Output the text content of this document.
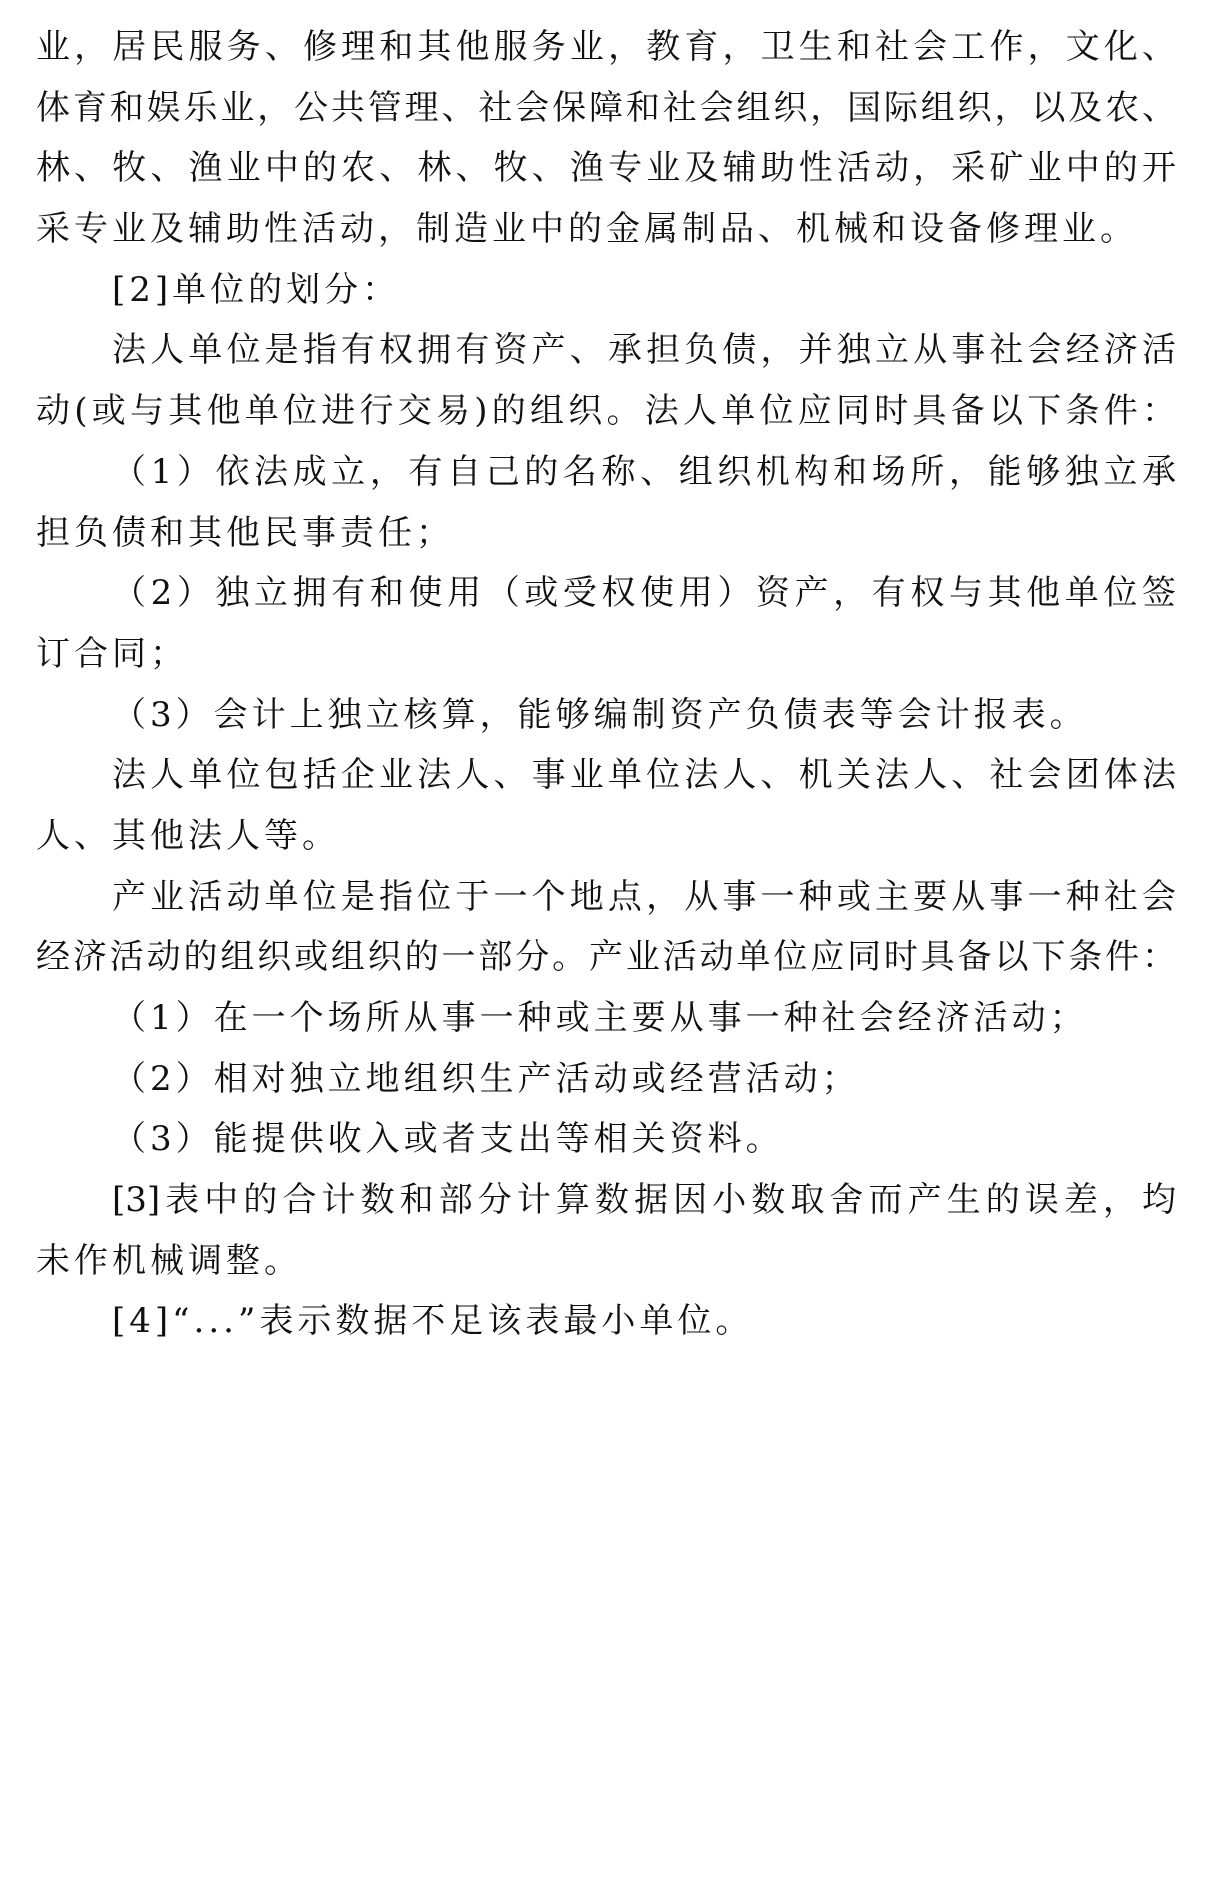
业，居民服务、修理和其他服务业，教育，卫生和社会工作，文化、
体育和娱乐业，公共管理、社会保障和社会组织，国际组织，以及农、
林、牧、渔业中的农、林、牧、渔专业及辅助性活动，采矿业中的开
采专业及辅助性活动，制造业中的金属制品、机械和设备修理业。
[2]单位的划分：
法人单位是指有权拥有资产、承担负债，并独立从事社会经济活
动(或与其他单位进行交易)的组织。法人单位应同时具备以下条件：
（1）依法成立，有自己的名称、组织机构和场所，能够独立承
担负债和其他民事责任；
（2）独立拥有和使用（或受权使用）资产，有权与其他单位签
订合同；
（3）会计上独立核算，能够编制资产负债表等会计报表。
法人单位包括企业法人、事业单位法人、机关法人、社会团体法
人、其他法人等。
产业活动单位是指位于一个地点，从事一种或主要从事一种社会
经济活动的组织或组织的一部分。产业活动单位应同时具备以下条件：
（1）在一个场所从事一种或主要从事一种社会经济活动；
（2）相对独立地组织生产活动或经营活动；
（3）能提供收入或者支出等相关资料。
[3]表中的合计数和部分计算数据因小数取舍而产生的误差，均
未作机械调整。
[4]“...”表示数据不足该表最小单位。
